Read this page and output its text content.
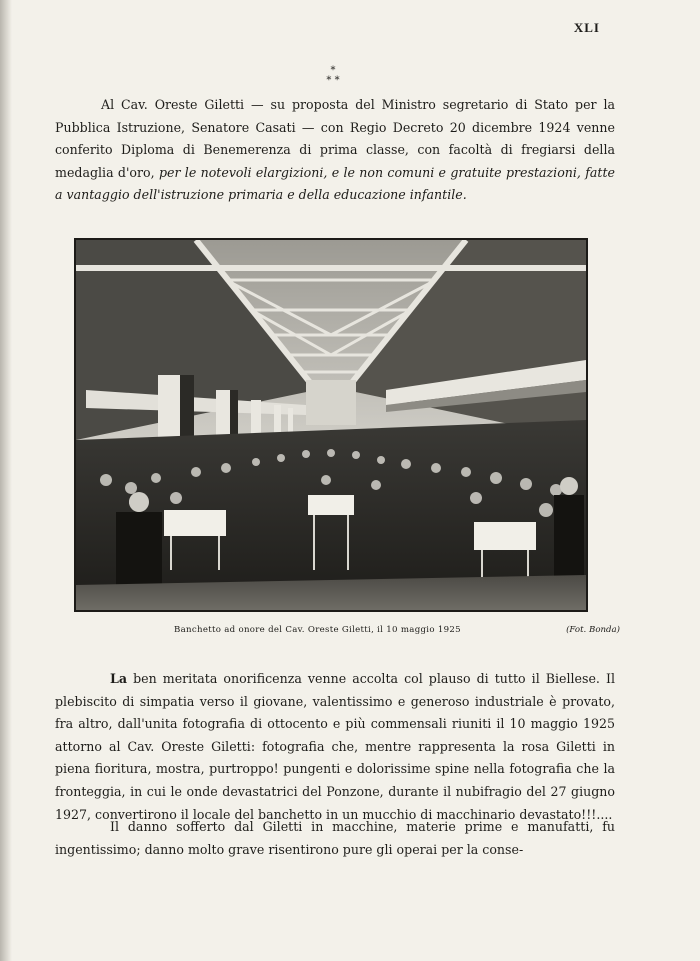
XLI
*
* *

Al Cav. Oreste Giletti — su proposta del Ministro segretario di Stato per la Pubblica Istruzione, Senatore Casati — con Regio Decreto 20 dicembre 1924 venne conferito Diploma di Benemerenza di prima classe, con facoltà di fregiarsi della medaglia d'oro, per le notevoli elargizioni, e le non comuni e gratuite prestazioni, fatte a vantaggio dell'istruzione primaria e della educazione infantile.

Banchetto ad onore del Cav. Oreste Giletti, il 10 maggio 1925	(Fot. Bonda)

La ben meritata onorificenza venne accolta col plauso di tutto il Biellese. Il plebiscito di simpatia verso il giovane, valentissimo e generoso industriale è provato, fra altro, dall'unita fotografia di ottocento e più commensali riuniti il 10 maggio 1925 attorno al Cav. Oreste Giletti: fotografia che, mentre rappresenta la rosa Giletti in piena fioritura, mostra, purtroppo! pungenti e dolorissime spine nella fotografia che la fronteggia, in cui le onde devastatrici del Ponzone, durante il nubifragio del 27 giugno 1927, convertirono il locale del banchetto in un mucchio di macchinario devastato!!!....

Il danno sofferto dal Giletti in macchine, materie prime e manufatti, fu ingentissimo; danno molto grave risentirono pure gli operai per la conse-
